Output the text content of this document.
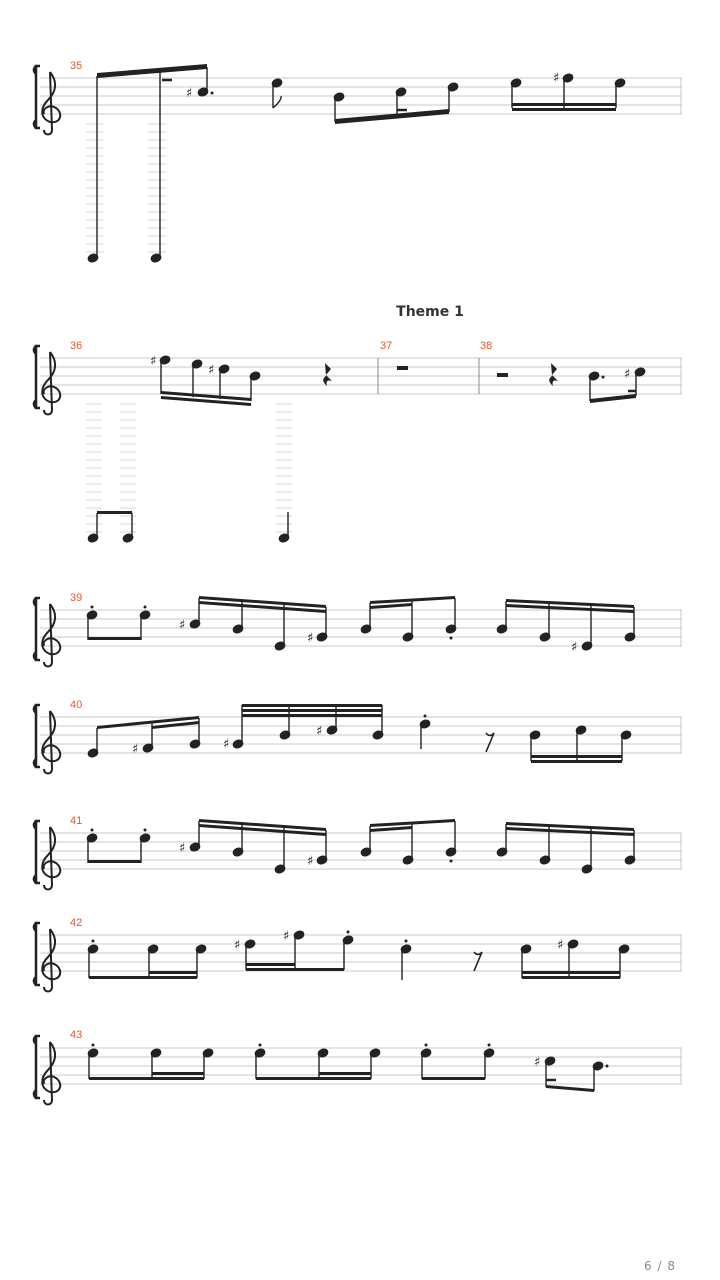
35
36	37	38
39
40
41
42
43
Theme 1
♯
♯
♯
♯	♯
♯
♯
♯
♯	♯
♯
♯
♯
♯
♯
♯
♯
6 / 8
